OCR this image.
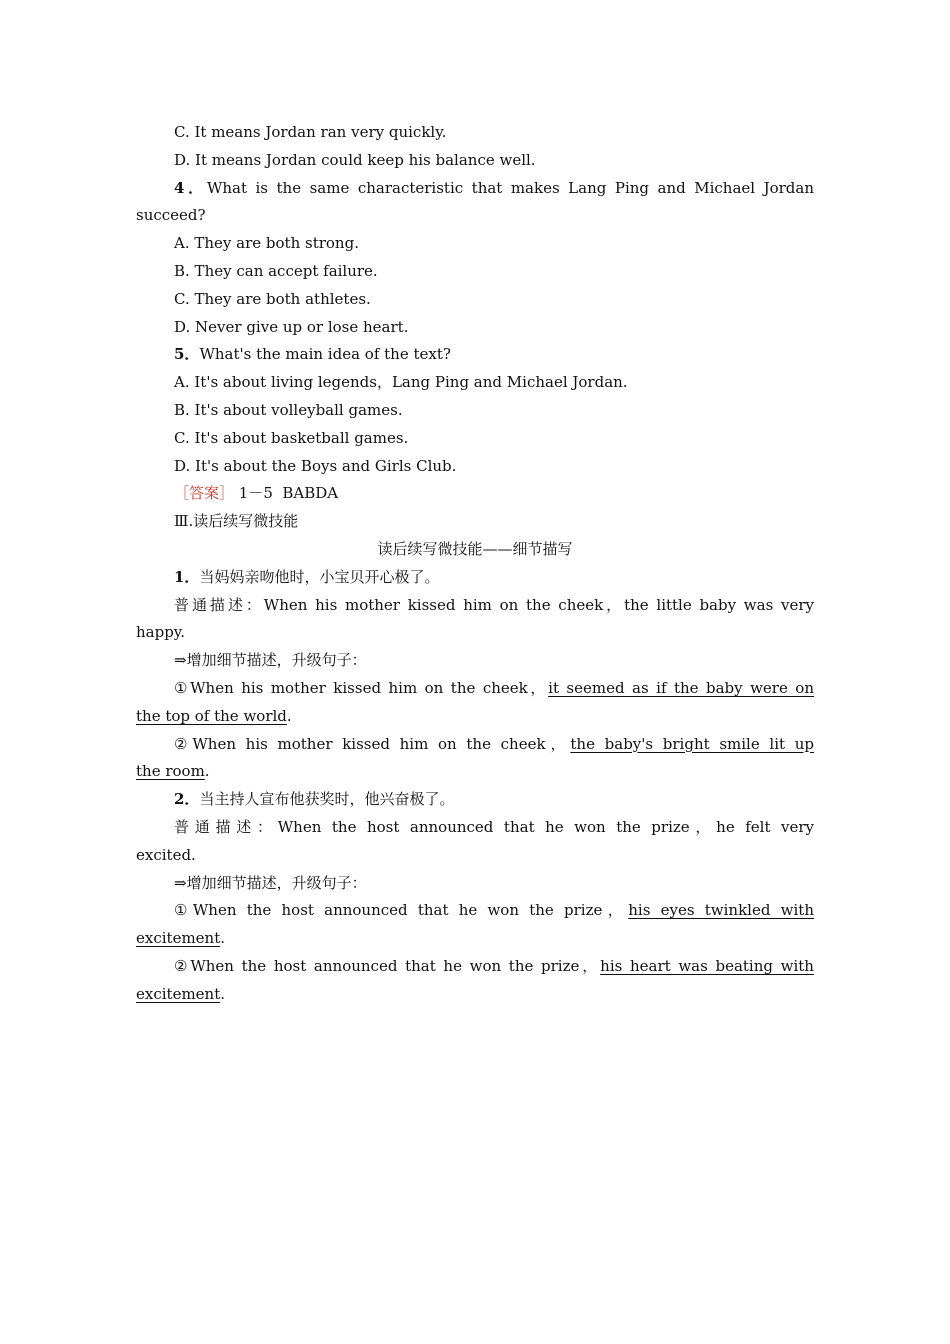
C. It means Jordan ran very quickly.
D. It means Jordan could keep his balance well.
4．What is the same characteristic that makes Lang Ping and Michael Jordan
succeed?
A. They are both strong.
B. They can accept failure.
C. They are both athletes.
D. Never give up or lose heart.
5．What's the main idea of the text?
A. It's about living legends，Lang Ping and Michael Jordan.
B. It's about volleyball games.
C. It's about basketball games.
D. It's about the Boys and Girls Club.
［答案］ 1－5  BABDA
Ⅲ.读后续写微技能
读后续写微技能——细节描写
1．当妈妈亲吻他时，小宝贝开心极了。
普通描述：When his mother kissed him on the cheek，the little baby was very
happy.
⇒增加细节描述，升级句子：
①When his mother kissed him on the cheek，it seemed as if the baby were on
the top of the world.
②When his mother kissed him on the cheek，the baby's bright smile lit up
the room.
2．当主持人宣布他获奖时，他兴奋极了。
普通描述：When the host announced that he won the prize，he felt very
excited.
⇒增加细节描述，升级句子：
①When the host announced that he won the prize，his eyes twinkled with
excitement.
②When the host announced that he won the prize，his heart was beating with
excitement.
